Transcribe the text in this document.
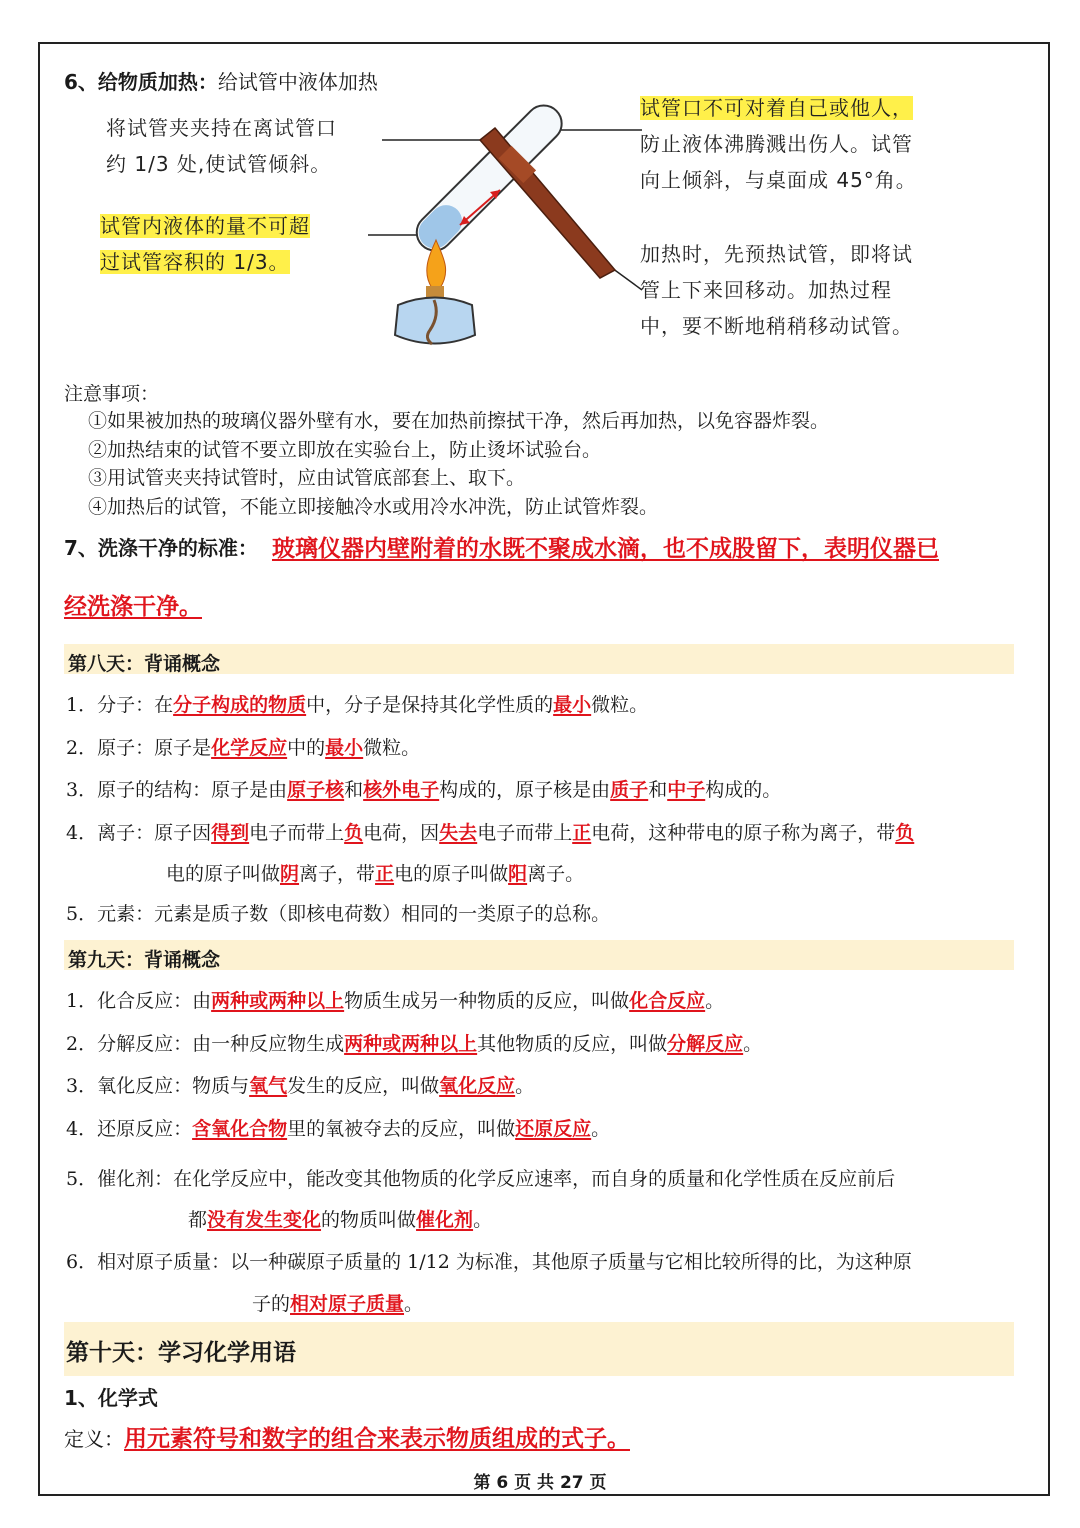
6、给物质加热：给试管中液体加热
将试管夹夹持在离试管口
约 1/3 处,使试管倾斜。
试管内液体的量不可超
过试管容积的 1/3。
试管口不可对着自己或他人，
防止液体沸腾溅出伤人。试管
向上倾斜，与桌面成 45°角。
加热时，先预热试管，即将试
管上下来回移动。加热过程
中，要不断地稍稍移动试管。
注意事项：
①如果被加热的玻璃仪器外壁有水，要在加热前擦拭干净，然后再加热，以免容器炸裂。
②加热结束的试管不要立即放在实验台上，防止烫坏试验台。
③用试管夹夹持试管时，应由试管底部套上、取下。
④加热后的试管，不能立即接触冷水或用冷水冲洗，防止试管炸裂。
7、洗涤干净的标准： 玻璃仪器内壁附着的水既不聚成水滴，也不成股留下，表明仪器已
经洗涤干净。
第八天：背诵概念
1．分子：在分子构成的物质中，分子是保持其化学性质的最小微粒。
2．原子：原子是化学反应中的最小微粒。
3．原子的结构：原子是由原子核和核外电子构成的，原子核是由质子和中子构成的。
4．离子：原子因得到电子而带上负电荷，因失去电子而带上正电荷，这种带电的原子称为离子，带负
电的原子叫做阴离子，带正电的原子叫做阳离子。
5．元素：元素是质子数（即核电荷数）相同的一类原子的总称。
第九天：背诵概念
1．化合反应：由两种或两种以上物质生成另一种物质的反应，叫做化合反应。
2．分解反应：由一种反应物生成两种或两种以上其他物质的反应，叫做分解反应。
3．氧化反应：物质与氧气发生的反应，叫做氧化反应。
4．还原反应：含氧化合物里的氧被夺去的反应，叫做还原反应。
5．催化剂：在化学反应中，能改变其他物质的化学反应速率，而自身的质量和化学性质在反应前后
都没有发生变化的物质叫做催化剂。
6．相对原子质量：以一种碳原子质量的 1/12 为标准，其他原子质量与它相比较所得的比，为这种原
子的相对原子质量。
第十天：学习化学用语
1、化学式
定义：用元素符号和数字的组合来表示物质组成的式子。
第 6 页 共 27 页
